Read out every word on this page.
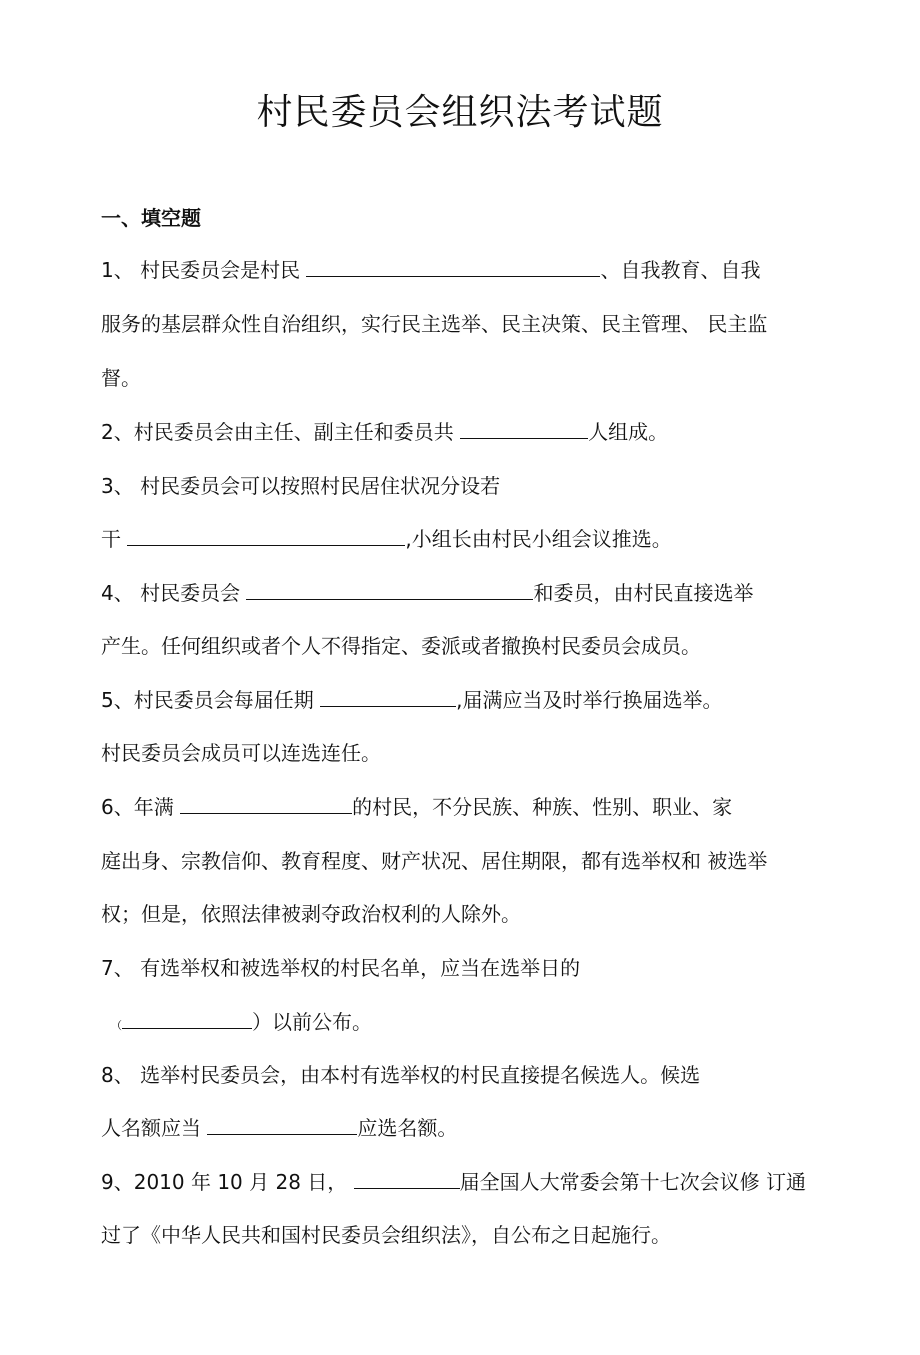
村民委员会组织法考试题
一、填空题
1、 村民委员会是村民	、自我教育、自我
服务的基层群众性自治组织，实行民主选举、民主决策、民主管理、 民主监
督。
2、村民委员会由主任、副主任和委员共	人组成。
3、 村民委员会可以按照村民居住状况分设若
干	,小组长由村民小组会议推选。
4、 村民委员会	和委员，由村民直接选举
产生。任何组织或者个人不得指定、委派或者撤换村民委员会成员。
5、村民委员会每届任期	,届满应当及时举行换届选举。
村民委员会成员可以连选连任。
6、年满	的村民，不分民族、种族、性别、职业、家
庭出身、宗教信仰、教育程度、财产状况、居住期限，都有选举权和 被选举
权；但是，依照法律被剥夺政治权利的人除外。
7、 有选举权和被选举权的村民名单，应当在选举日的
（	）以前公布。
8、 选举村民委员会，由本村有选举权的村民直接提名候选人。候选
人名额应当	应选名额。
9、2010 年 10 月 28 日，	届全国人大常委会第十七次会议修 订通
过了《中华人民共和国村民委员会组织法》，自公布之日起施行。
